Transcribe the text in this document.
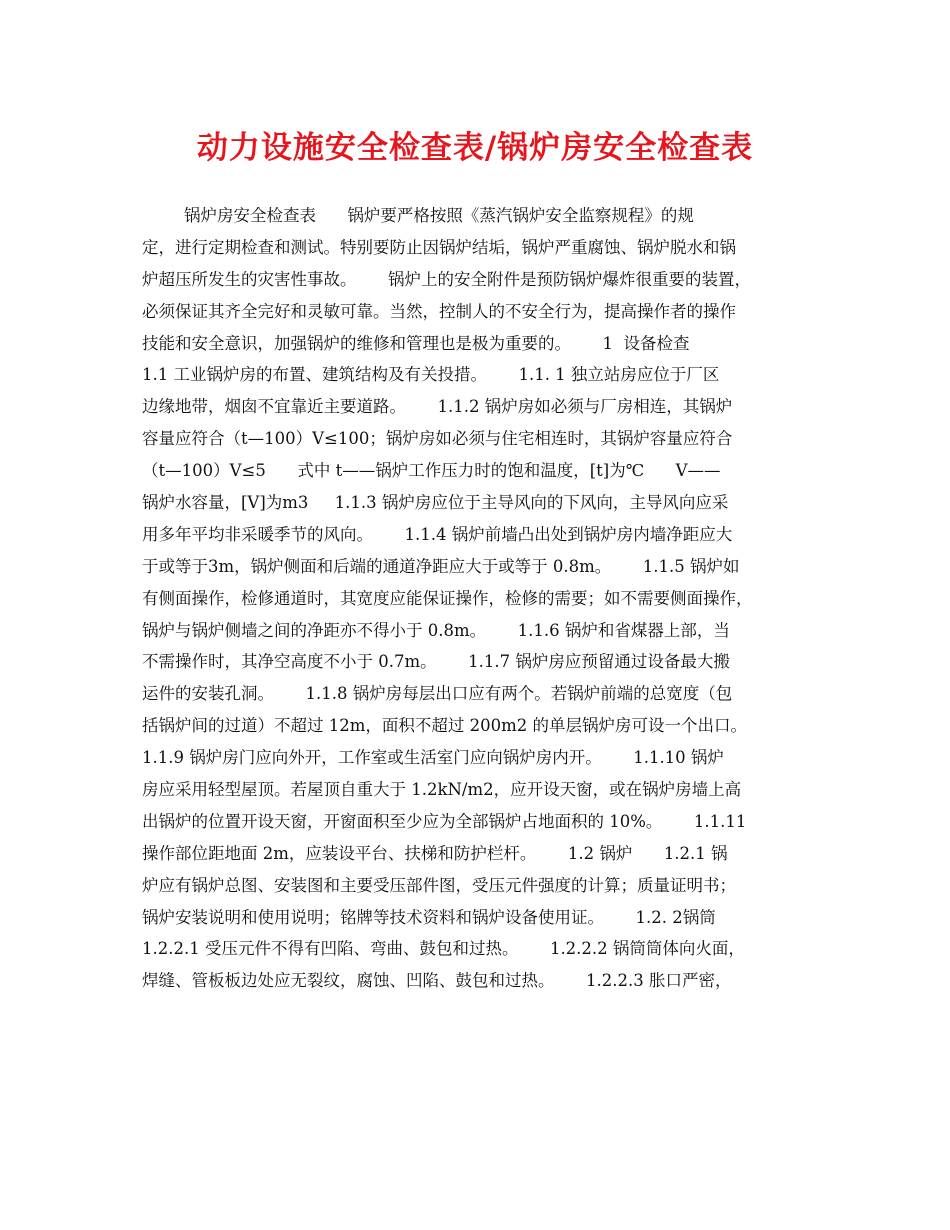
动力设施安全检查表/锅炉房安全检查表
锅炉房安全检查表      锅炉要严格按照《蒸汽锅炉安全监察规程》的规
定，进行定期检查和测试。特别要防止因锅炉结垢，锅炉严重腐蚀、锅炉脱水和锅
炉超压所发生的灾害性事故。      锅炉上的安全附件是预防锅炉爆炸很重要的装置，
必须保证其齐全完好和灵敏可靠。当然，控制人的不安全行为，提高操作者的操作
技能和安全意识，加强锅炉的维修和管理也是极为重要的。      1  设备检查
1.1 工业锅炉房的布置、建筑结构及有关投措。      1.1. 1 独立站房应位于厂区
边缘地带，烟囱不宜靠近主要道路。      1.1.2 锅炉房如必须与厂房相连，其锅炉
容量应符合（t—100）V≤100；锅炉房如必须与住宅相连时，其锅炉容量应符合
（t—100）V≤5      式中 t——锅炉工作压力时的饱和温度，[t]为℃      V——
锅炉水容量，[V]为m3     1.1.3 锅炉房应位于主导风向的下风向，主导风向应采
用多年平均非采暖季节的风向。      1.1.4 锅炉前墙凸出处到锅炉房内墙净距应大
于或等于3m，锅炉侧面和后端的通道净距应大于或等于 0.8m。      1.1.5 锅炉如
有侧面操作，检修通道时，其宽度应能保证操作，检修的需要；如不需要侧面操作，
锅炉与锅炉侧墙之间的净距亦不得小于 0.8m。      1.1.6 锅炉和省煤器上部，当
不需操作时，其净空高度不小于 0.7m。      1.1.7 锅炉房应预留通过设备最大搬
运件的安装孔洞。      1.1.8 锅炉房每层出口应有两个。若锅炉前端的总宽度（包
括锅炉间的过道）不超过 12m，面积不超过 200m2 的单层锅炉房可设一个出口。
1.1.9 锅炉房门应向外开，工作室或生活室门应向锅炉房内开。      1.1.10 锅炉
房应采用轻型屋顶。若屋顶自重大于 1.2kN/m2，应开设天窗，或在锅炉房墙上高
出锅炉的位置开设天窗，开窗面积至少应为全部锅炉占地面积的 10%。      1.1.11
操作部位距地面 2m，应装设平台、扶梯和防护栏杆。      1.2 锅炉      1.2.1 锅
炉应有锅炉总图、安装图和主要受压部件图，受压元件强度的计算；质量证明书；
锅炉安装说明和使用说明；铭牌等技术资料和锅炉设备使用证。      1.2. 2锅筒
1.2.2.1 受压元件不得有凹陷、弯曲、鼓包和过热。      1.2.2.2 锅筒筒体向火面，
焊缝、管板板边处应无裂纹，腐蚀、凹陷、鼓包和过热。      1.2.2.3 胀口严密，
